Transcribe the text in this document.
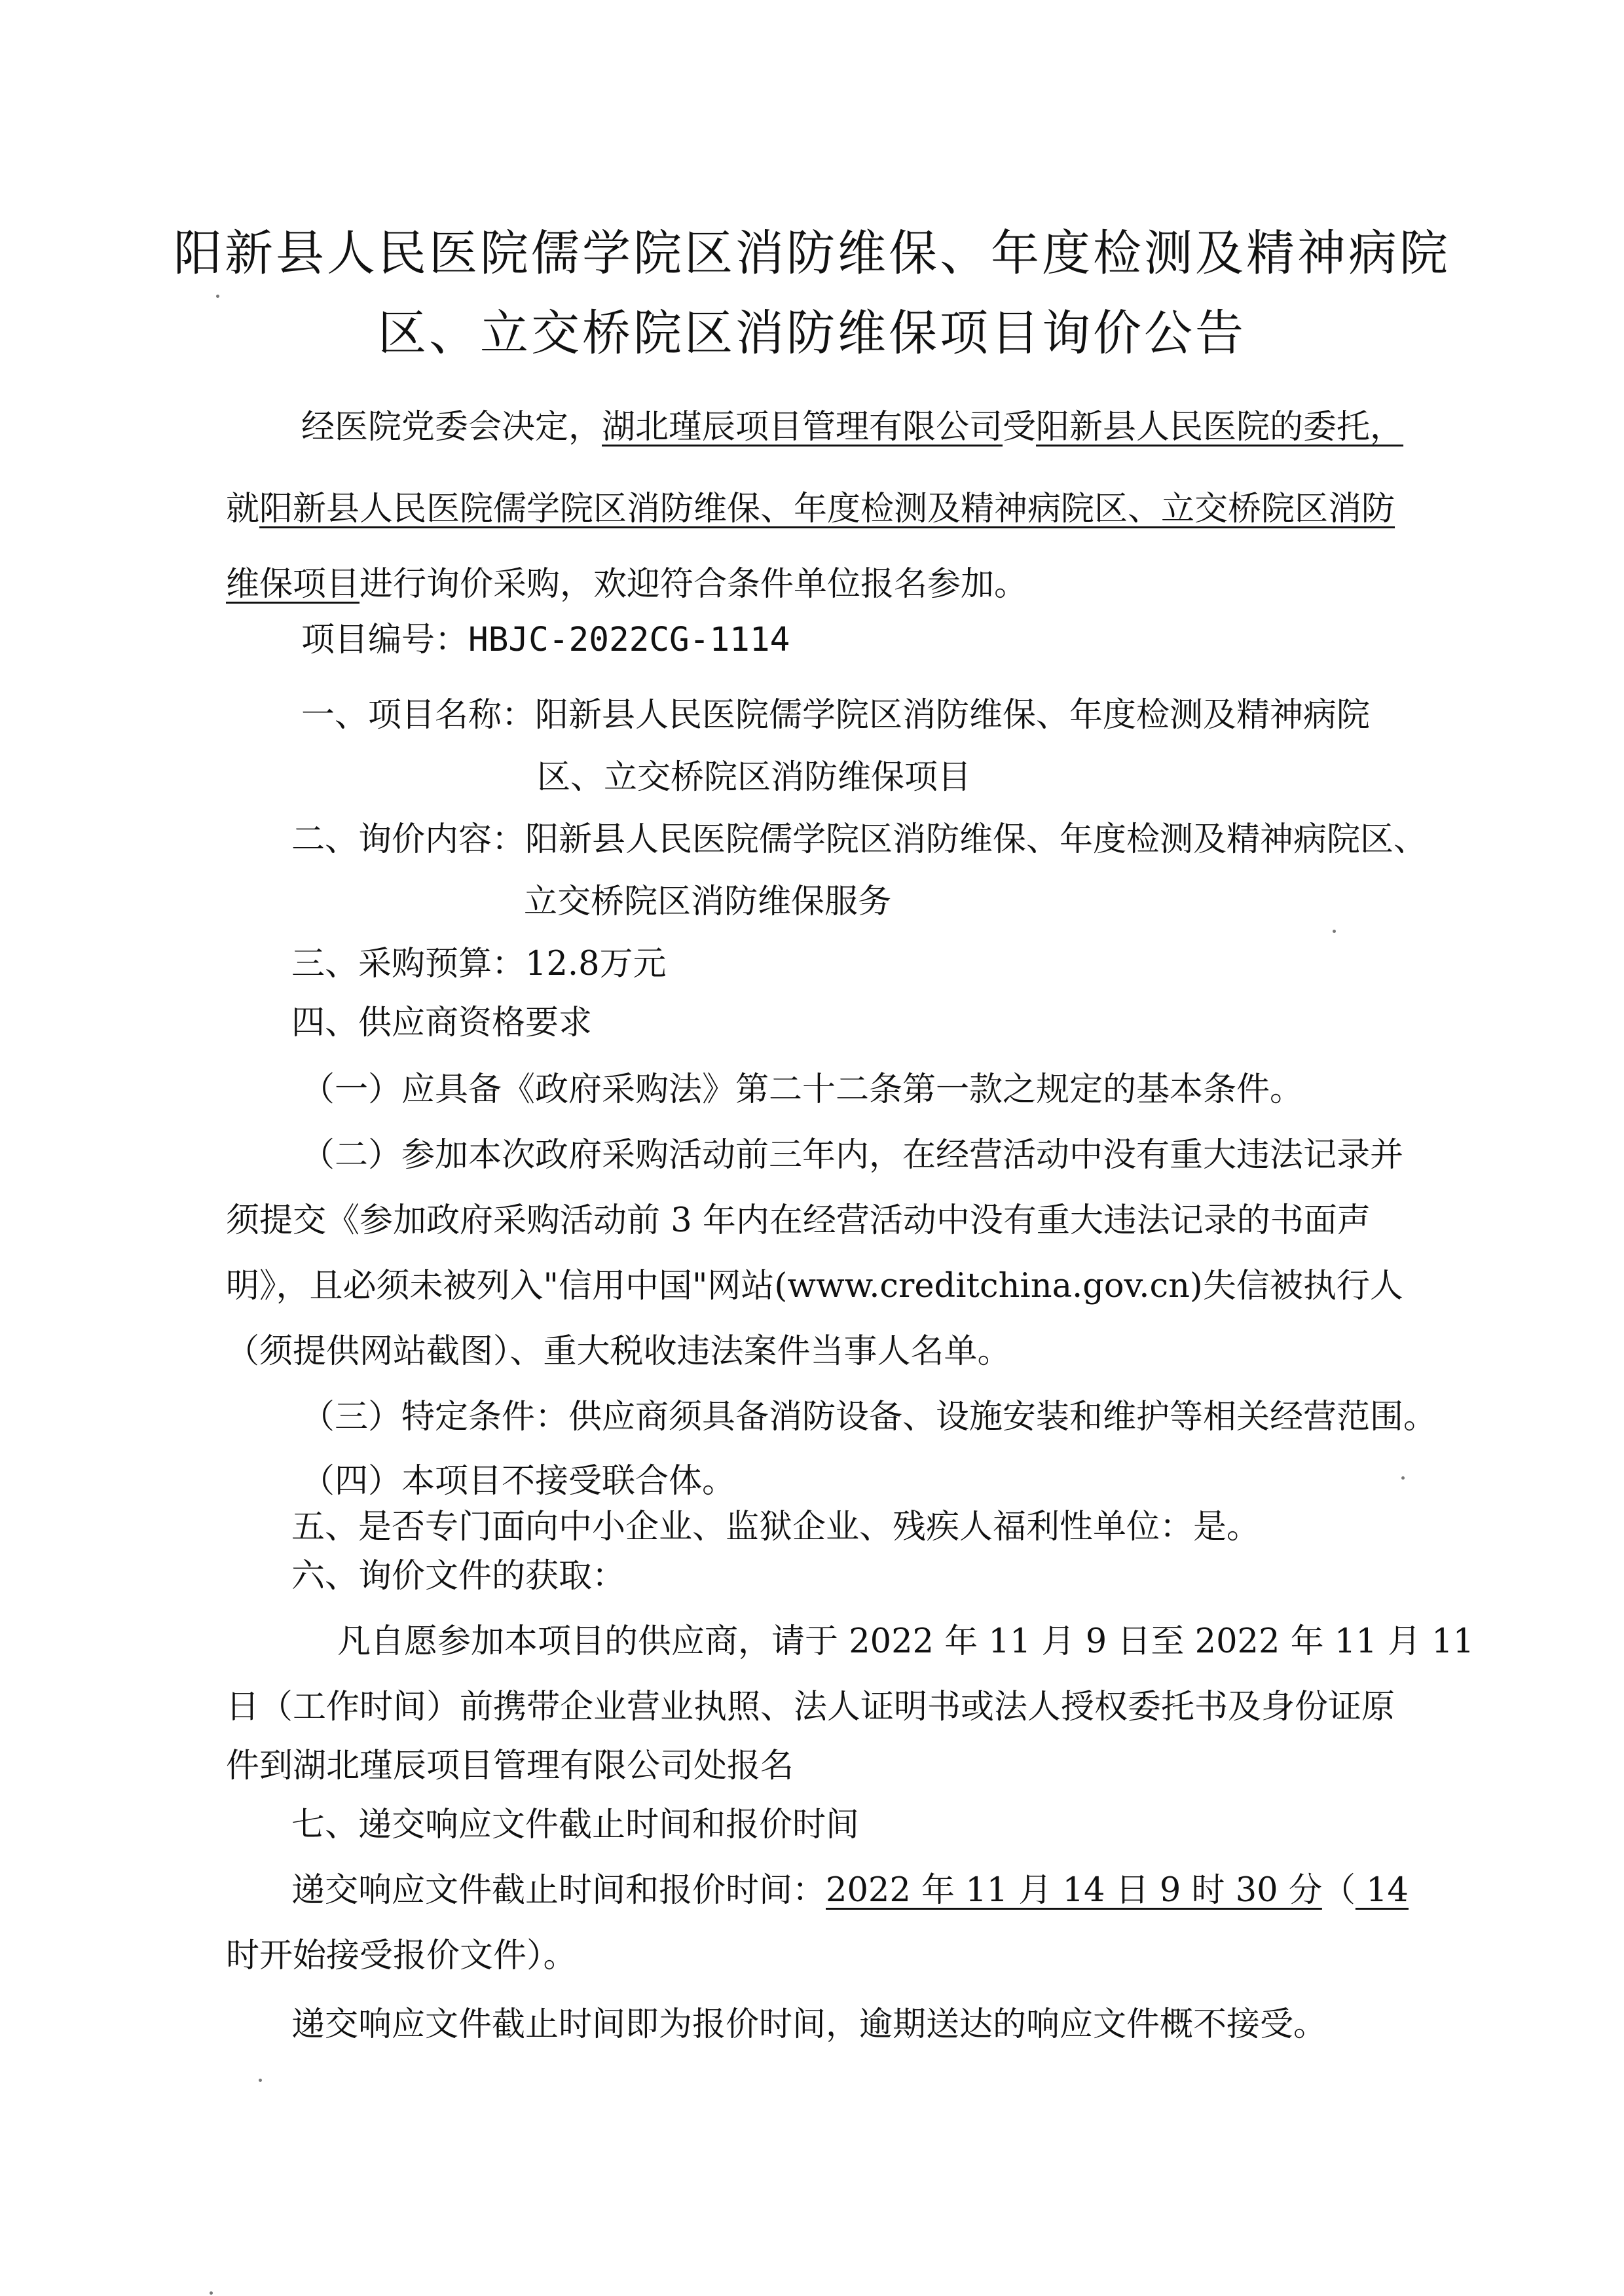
阳新县人民医院儒学院区消防维保、年度检测及精神病院
区、立交桥院区消防维保项目询价公告
经医院党委会决定，湖北瑾辰项目管理有限公司受阳新县人民医院的委托，
就阳新县人民医院儒学院区消防维保、年度检测及精神病院区、立交桥院区消防
维保项目进行询价采购，欢迎符合条件单位报名参加。
项目编号：HBJC-2022CG-1114
一、项目名称：阳新县人民医院儒学院区消防维保、年度检测及精神病院
区、立交桥院区消防维保项目
二、询价内容：阳新县人民医院儒学院区消防维保、年度检测及精神病院区、
立交桥院区消防维保服务
三、采购预算：12.8万元
四、供应商资格要求
（一）应具备《政府采购法》第二十二条第一款之规定的基本条件。
（二）参加本次政府采购活动前三年内，在经营活动中没有重大违法记录并
须提交《参加政府采购活动前 3 年内在经营活动中没有重大违法记录的书面声
明》，且必须未被列入"信用中国"网站(www.creditchina.gov.cn)失信被执行人
（须提供网站截图）、重大税收违法案件当事人名单。
（三）特定条件：供应商须具备消防设备、设施安装和维护等相关经营范围。
（四）本项目不接受联合体。
五、是否专门面向中小企业、监狱企业、残疾人福利性单位：是。
六、询价文件的获取：
凡自愿参加本项目的供应商，请于 2022 年 11 月 9 日至 2022 年 11 月 11
日（工作时间）前携带企业营业执照、法人证明书或法人授权委托书及身份证原
件到湖北瑾辰项目管理有限公司处报名
七、递交响应文件截止时间和报价时间
递交响应文件截止时间和报价时间：2022 年 11 月 14 日 9 时 30 分（ 14
时开始接受报价文件）。
递交响应文件截止时间即为报价时间，逾期送达的响应文件概不接受。
